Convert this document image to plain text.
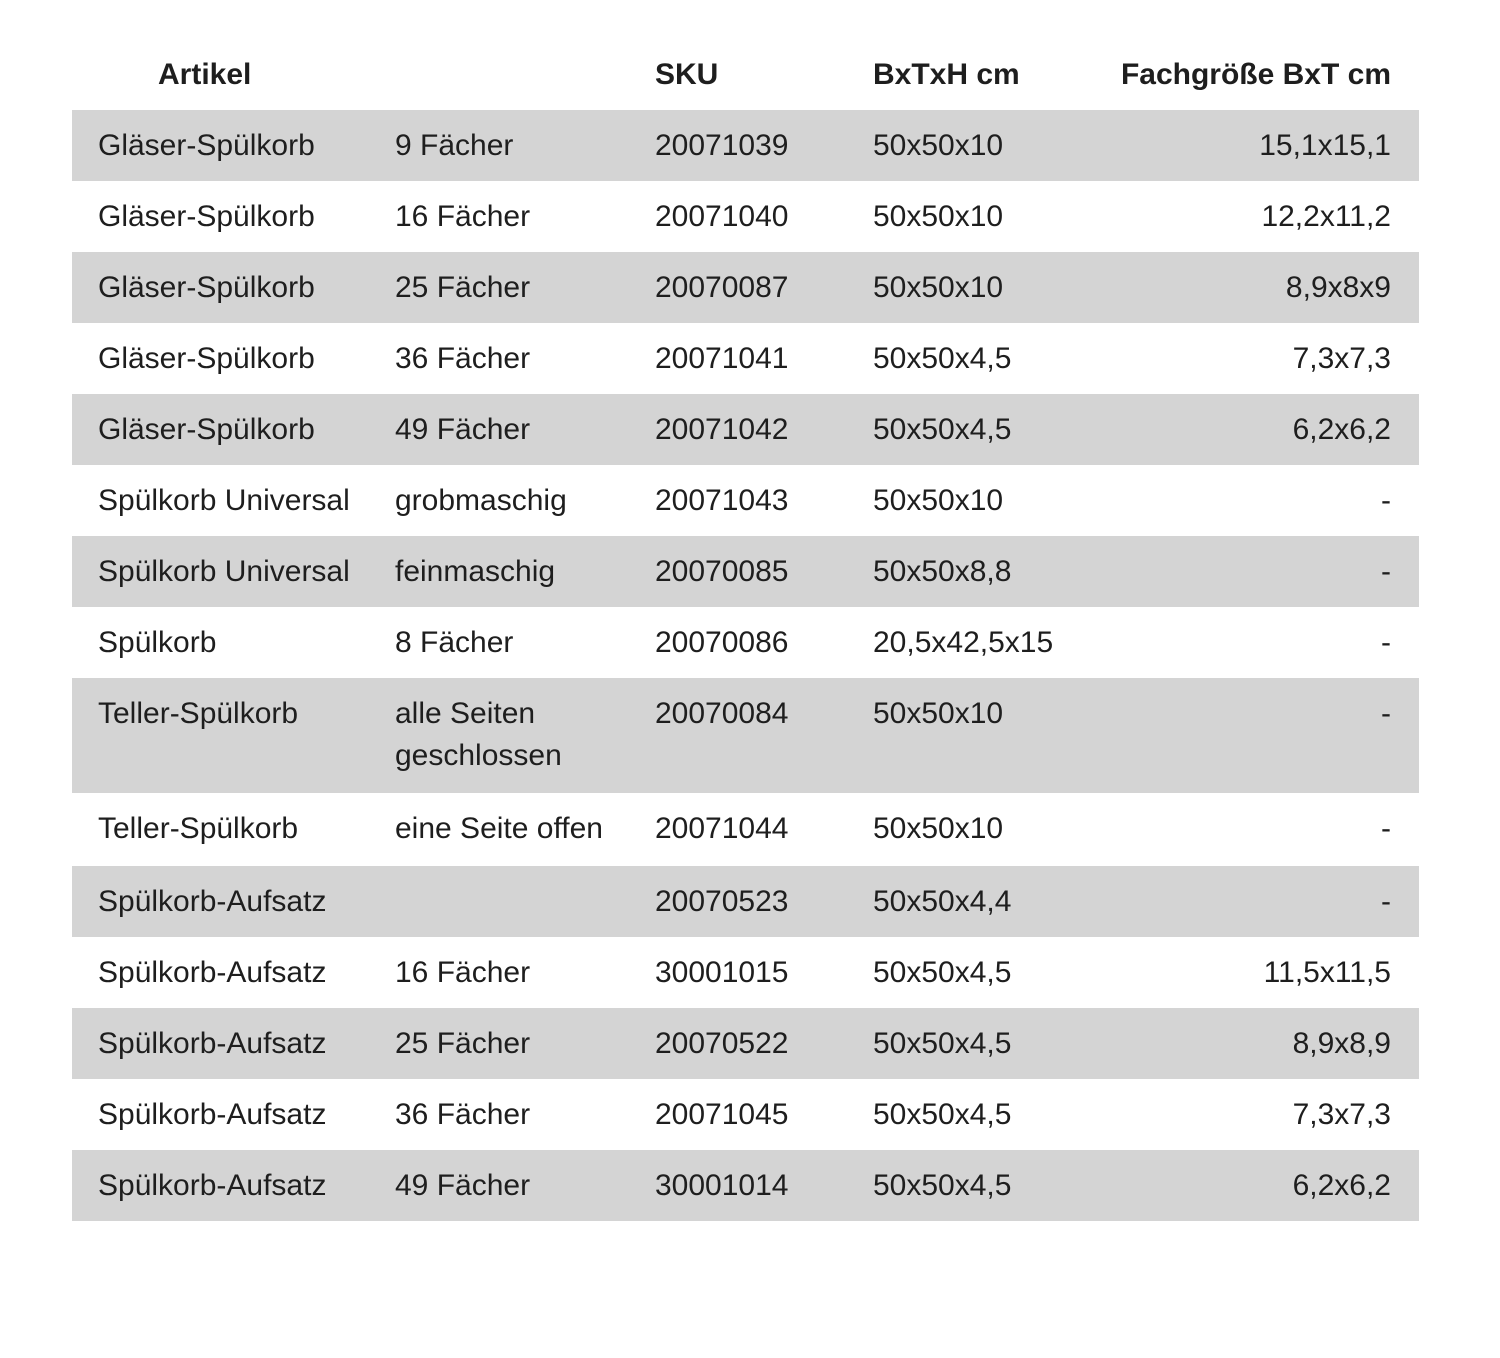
Artikel		SKU	BxTxH cm	Fachgröße BxT cm
Gläser-Spülkorb	9 Fächer	20071039	50x50x10	15,1x15,1
Gläser-Spülkorb	16 Fächer	20071040	50x50x10	12,2x11,2
Gläser-Spülkorb	25 Fächer	20070087	50x50x10	8,9x8x9
Gläser-Spülkorb	36 Fächer	20071041	50x50x4,5	7,3x7,3
Gläser-Spülkorb	49 Fächer	20071042	50x50x4,5	6,2x6,2
Spülkorb Universal	grobmaschig	20071043	50x50x10	-
Spülkorb Universal	feinmaschig	20070085	50x50x8,8	-
Spülkorb	8 Fächer	20070086	20,5x42,5x15	-
Teller-Spülkorb	alle Seiten geschlossen	20070084	50x50x10	-
Teller-Spülkorb	eine Seite offen	20071044	50x50x10	-
Spülkorb-Aufsatz		20070523	50x50x4,4	-
Spülkorb-Aufsatz	16 Fächer	30001015	50x50x4,5	11,5x11,5
Spülkorb-Aufsatz	25 Fächer	20070522	50x50x4,5	8,9x8,9
Spülkorb-Aufsatz	36 Fächer	20071045	50x50x4,5	7,3x7,3
Spülkorb-Aufsatz	49 Fächer	30001014	50x50x4,5	6,2x6,2
